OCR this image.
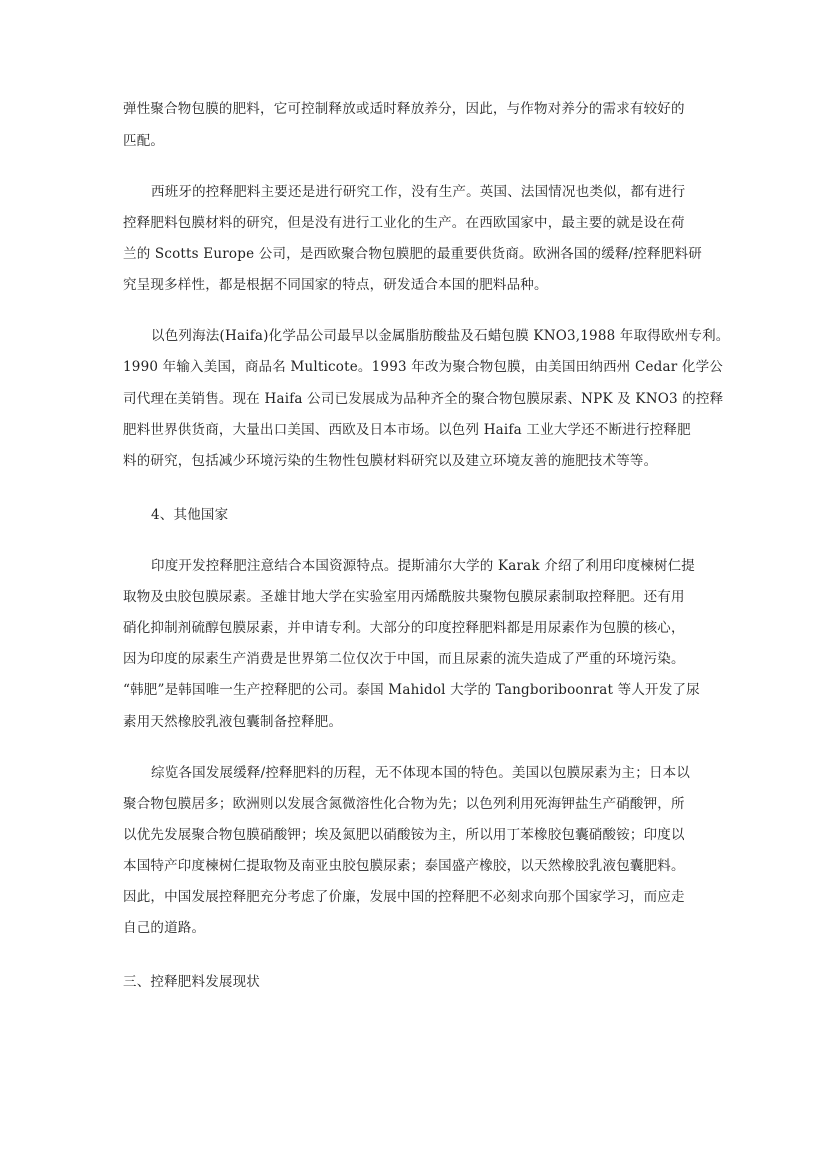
弹性聚合物包膜的肥料，它可控制释放或适时释放养分，因此，与作物对养分的需求有较好的
匹配。
西班牙的控释肥料主要还是进行研究工作，没有生产。英国、法国情况也类似，都有进行
控释肥料包膜材料的研究，但是没有进行工业化的生产。在西欧国家中，最主要的就是设在荷
兰的 Scotts Europe 公司，是西欧聚合物包膜肥的最重要供货商。欧洲各国的缓释/控释肥料研
究呈现多样性，都是根据不同国家的特点，研发适合本国的肥料品种。
以色列海法(Haifa)化学品公司最早以金属脂肪酸盐及石蜡包膜 KNO3,1988 年取得欧州专利。
1990 年输入美国，商品名 Multicote。1993 年改为聚合物包膜，由美国田纳西州 Cedar 化学公
司代理在美销售。现在 Haifa 公司已发展成为品种齐全的聚合物包膜尿素、NPK 及 KNO3 的控释
肥料世界供货商，大量出口美国、西欧及日本市场。以色列 Haifa 工业大学还不断进行控释肥
料的研究，包括减少环境污染的生物性包膜材料研究以及建立环境友善的施肥技术等等。
4、其他国家
印度开发控释肥注意结合本国资源特点。提斯浦尔大学的 Karak 介绍了利用印度楝树仁提
取物及虫胶包膜尿素。圣雄甘地大学在实验室用丙烯酰胺共聚物包膜尿素制取控释肥。还有用
硝化抑制剂硫醇包膜尿素，并申请专利。大部分的印度控释肥料都是用尿素作为包膜的核心，
因为印度的尿素生产消费是世界第二位仅次于中国，而且尿素的流失造成了严重的环境污染。
“韩肥”是韩国唯一生产控释肥的公司。泰国 Mahidol 大学的 Tangboriboonrat 等人开发了尿
素用天然橡胶乳液包囊制备控释肥。
综览各国发展缓释/控释肥料的历程，无不体现本国的特色。美国以包膜尿素为主；日本以
聚合物包膜居多；欧洲则以发展含氮微溶性化合物为先；以色列利用死海钾盐生产硝酸钾，所
以优先发展聚合物包膜硝酸钾；埃及氮肥以硝酸铵为主，所以用丁苯橡胶包囊硝酸铵；印度以
本国特产印度楝树仁提取物及南亚虫胶包膜尿素；泰国盛产橡胶，以天然橡胶乳液包囊肥料。
因此，中国发展控释肥充分考虑了价廉，发展中国的控释肥不必刻求向那个国家学习，而应走
自己的道路。
三、控释肥料发展现状
